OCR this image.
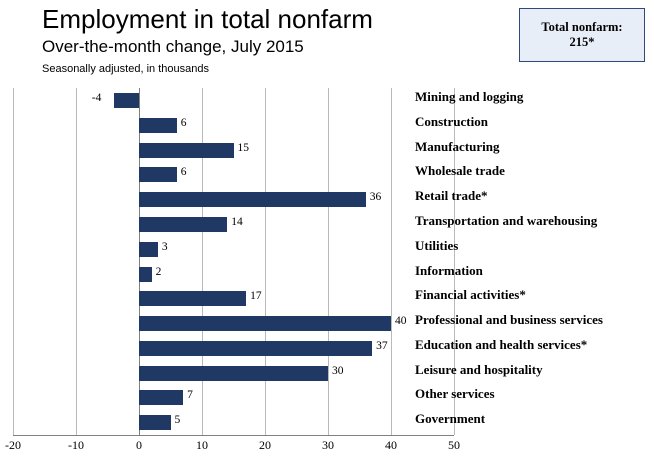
Employment in total nonfarm
Over-the-month change, July 2015
Seasonally adjusted, in thousands
Total nonfarm:
215*
-4	Mining and logging
6	Construction
15	Manufacturing
6	Wholesale trade
36	Retail trade*
14	Transportation and warehousing
3	Utilities
2	Information
17	Financial activities*
40 Professional and business services
37 Education and health services*
30	Leisure and hospitality
7	Other services
5	Government
-20	-10	0	10	20	30	40	50
